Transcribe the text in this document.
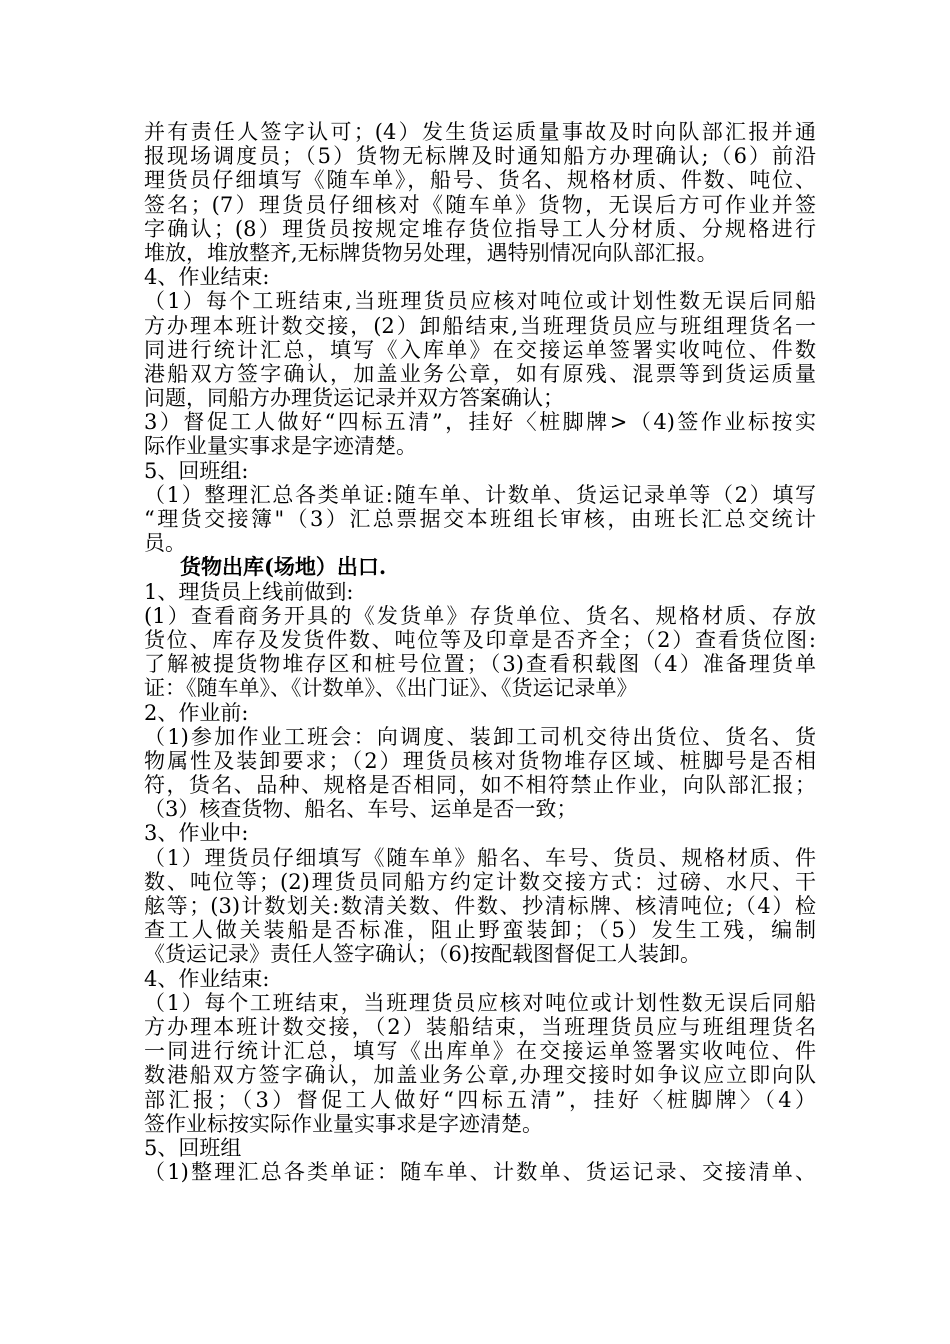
并有责任人签字认可；(4）发生货运质量事故及时向队部汇报并通
报现场调度员；（5）货物无标牌及时通知船方办理确认;（6）前沿
理货员仔细填写《随车单》，船号、货名、规格材质、件数、吨位、
签名；(7）理货员仔细核对《随车单》货物，无误后方可作业并签
字确认；(8）理货员按规定堆存货位指导工人分材质、分规格进行
堆放，堆放整齐,无标牌货物另处理，遇特别情况向队部汇报。
4、作业结束:
（1）每个工班结束,当班理货员应核对吨位或计划性数无误后同船
方办理本班计数交接，(2）卸船结束,当班理货员应与班组理货名一
同进行统计汇总，填写《入库单》在交接运单签署实收吨位、件数
港船双方签字确认，加盖业务公章，如有原残、混票等到货运质量
问题，同船方办理货运记录并双方答案确认；
3）督促工人做好“四标五清”，挂好〈桩脚牌>（4)签作业标按实
际作业量实事求是字迹清楚。
5、回班组:
（1）整理汇总各类单证:随车单、计数单、货运记录单等（2）填写
“理货交接簿"（3）汇总票据交本班组长审核，由班长汇总交统计
员。
货物出库(场地）出口.
1、理货员上线前做到:
(1）查看商务开具的《发货单》存货单位、货名、规格材质、存放
货位、库存及发货件数、吨位等及印章是否齐全；（2）查看货位图:
了解被提货物堆存区和桩号位置；（3)查看积载图（4）准备理货单
证：《随车单》、《计数单》、《出门证》、《货运记录单》
2、作业前:
（1)参加作业工班会：向调度、装卸工司机交待出货位、货名、货
物属性及装卸要求；（2）理货员核对货物堆存区域、桩脚号是否相
符，货名、品种、规格是否相同，如不相符禁止作业，向队部汇报；
（3）核查货物、船名、车号、运单是否一致；
3、作业中:
（1）理货员仔细填写《随车单》船名、车号、货员、规格材质、件
数、吨位等；(2)理货员同船方约定计数交接方式：过磅、水尺、干
舷等；(3)计数划关:数清关数、件数、抄清标牌、核清吨位;（4）检
查工人做关装船是否标准，阻止野蛮装卸；（5）发生工残，编制
《货运记录》责任人签字确认；（6)按配载图督促工人装卸。
4、作业结束:
（1）每个工班结束，当班理货员应核对吨位或计划性数无误后同船
方办理本班计数交接，（2）装船结束，当班理货员应与班组理货名
一同进行统计汇总，填写《出库单》在交接运单签署实收吨位、件
数港船双方签字确认，加盖业务公章,办理交接时如争议应立即向队
部汇报；（3）督促工人做好“四标五清”，挂好〈桩脚牌〉（4）
签作业标按实际作业量实事求是字迹清楚。
5、回班组
（1)整理汇总各类单证：随车单、计数单、货运记录、交接清单、
